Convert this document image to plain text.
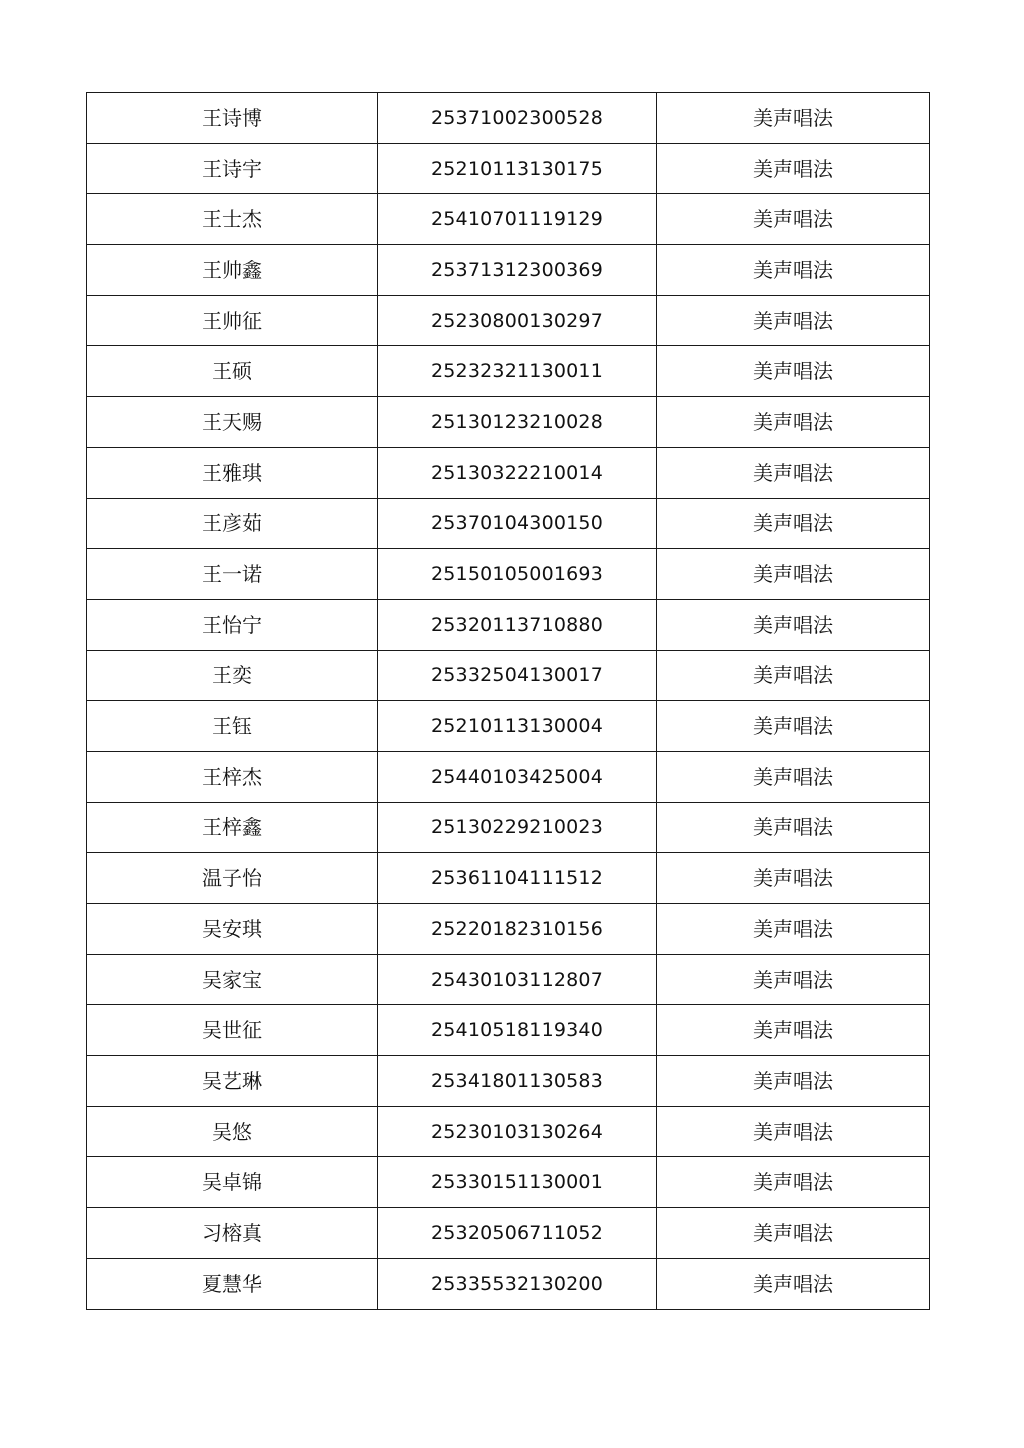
王诗博	25371002300528	美声唱法
王诗宇	25210113130175	美声唱法
王士杰	25410701119129	美声唱法
王帅鑫	25371312300369	美声唱法
王帅征	25230800130297	美声唱法
王硕	25232321130011	美声唱法
王天赐	25130123210028	美声唱法
王雅琪	25130322210014	美声唱法
王彦茹	25370104300150	美声唱法
王一诺	25150105001693	美声唱法
王怡宁	25320113710880	美声唱法
王奕	25332504130017	美声唱法
王钰	25210113130004	美声唱法
王梓杰	25440103425004	美声唱法
王梓鑫	25130229210023	美声唱法
温子怡	25361104111512	美声唱法
吴安琪	25220182310156	美声唱法
吴家宝	25430103112807	美声唱法
吴世征	25410518119340	美声唱法
吴艺琳	25341801130583	美声唱法
吴悠	25230103130264	美声唱法
吴卓锦	25330151130001	美声唱法
习榕真	25320506711052	美声唱法
夏慧华	25335532130200	美声唱法
